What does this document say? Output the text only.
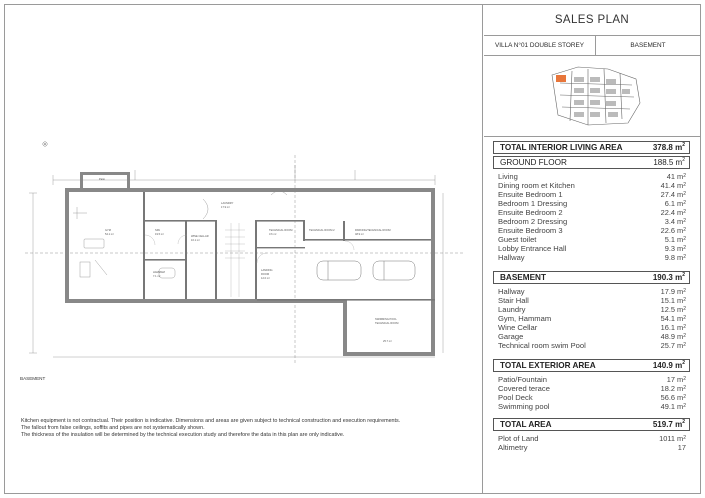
GYM
54.1 m²
SPA
19.5 m²
HAMMAM
7.1 m²
WINE CELLAR
16.1 m²
LANDING
ROOM
12.0 m²
LAUNDRY
17.9 m²
TECHNICAL ROOM
3.6 m²
TECHNICAL ROOM 2	PARKING/TECHNICAL ROOM
48.9 m²
SWIMMING POOL
TECHNICAL ROOM
25.7 m²
Patio
BASEMENT
Kitchen equipment is not contractual. Their position is indicative. Dimensions and areas are given subject to technical construction and execution requirements.
The fallout from false ceilings, soffits and pipes are not systematically shown.
The thickness of the insulation will be determined by the technical execution study and therefore the data in this plan are only indicative.
SALES PLAN
VILLA N°01 DOUBLE STOREY	BASEMENT
TOTAL INTERIOR LIVING AREA	378.8 $m^2$
GROUND FLOOR	188.5 $m^2$
Living	41 $m^2$
Dining room et Kitchen	41.4 $m^2$
Ensuite Bedroom 1	27.4 $m^2$
Bedroom 1 Dressing	6.1 $m^2$
Ensuite Bedroom 2	22.4 $m^2$
Bedroom 2 Dressing	3.4 $m^2$
Ensuite Bedroom 3	22.6 $m^2$
Guest toilet	5.1 $m^2$
Lobby Entrance Hall	9.3 $m^2$
Hallway	9.8 $m^2$
BASEMENT	190.3 $m^2$
Hallway	17.9 $m^2$
Stair Hall	15.1 $m^2$
Laundry	12.5 $m^2$
Gym, Hammam	54.1 $m^2$
Wine Cellar	16.1 $m^2$
Garage	48.9 $m^2$
Technical room swim Pool	25.7 $m^2$
TOTAL EXTERIOR AREA	140.9 $m^2$
Patio/Fountain	17 $m^2$
Covered terace	18.2 $m^2$
Pool Deck	56.6 $m^2$
Swimming pool	49.1 $m^2$
TOTAL AREA	519.7 $m^2$
Plot of Land	1011 $m^2$
Altimetry	17
